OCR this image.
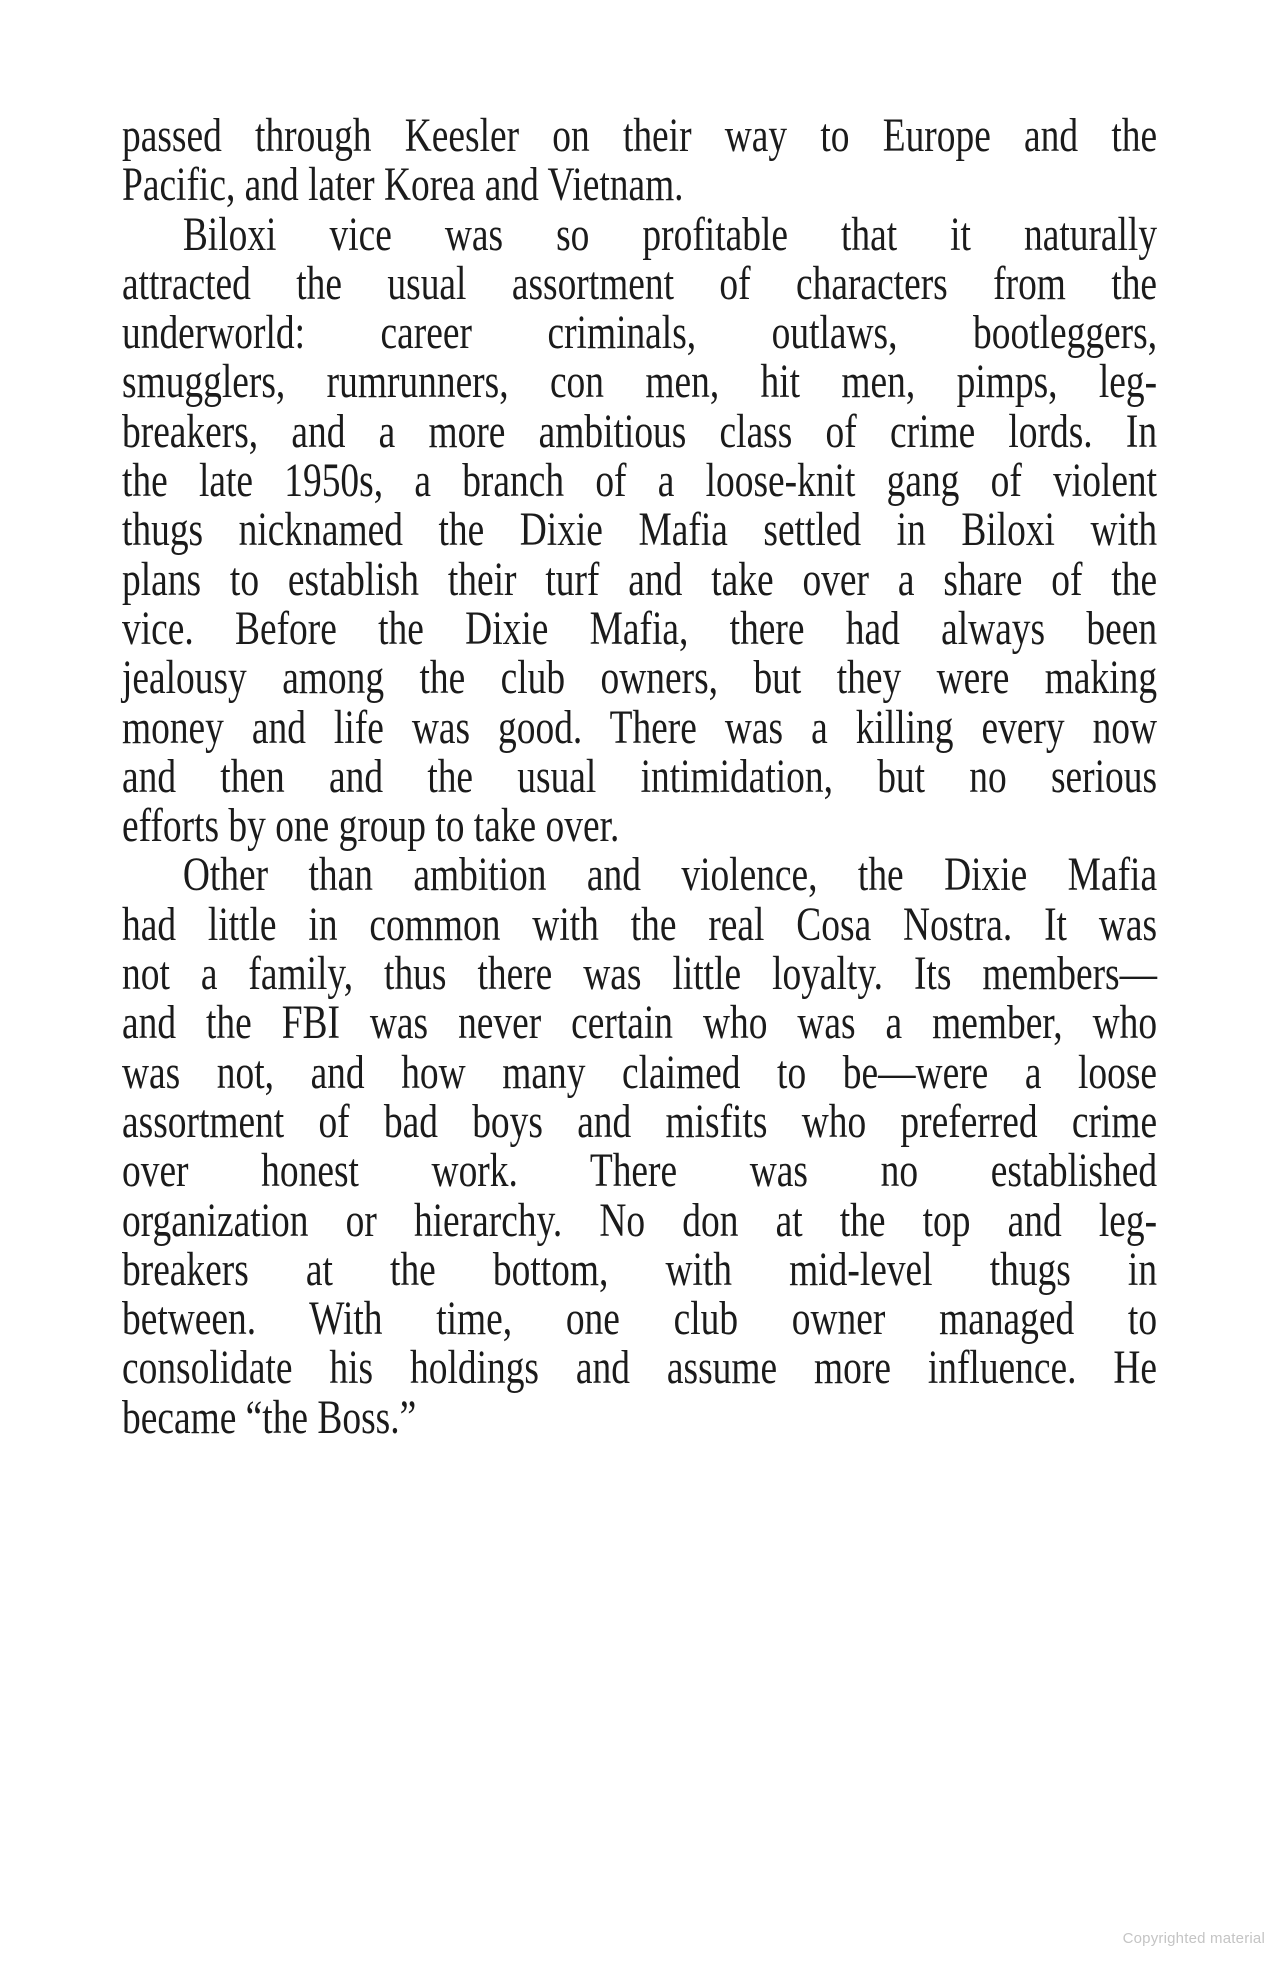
passed through Keesler on their way to Europe and the
Pacific, and later Korea and Vietnam.
Biloxi vice was so profitable that it naturally
attracted the usual assortment of characters from the
underworld: career criminals, outlaws, bootleggers,
smugglers, rumrunners, con men, hit men, pimps, leg-
breakers, and a more ambitious class of crime lords. In
the late 1950s, a branch of a loose-knit gang of violent
thugs nicknamed the Dixie Mafia settled in Biloxi with
plans to establish their turf and take over a share of the
vice. Before the Dixie Mafia, there had always been
jealousy among the club owners, but they were making
money and life was good. There was a killing every now
and then and the usual intimidation, but no serious
efforts by one group to take over.
Other than ambition and violence, the Dixie Mafia
had little in common with the real Cosa Nostra. It was
not a family, thus there was little loyalty. Its members—
and the FBI was never certain who was a member, who
was not, and how many claimed to be—were a loose
assortment of bad boys and misfits who preferred crime
over honest work. There was no established
organization or hierarchy. No don at the top and leg-
breakers at the bottom, with mid-level thugs in
between. With time, one club owner managed to
consolidate his holdings and assume more influence. He
became “the Boss.”
Copyrighted material
